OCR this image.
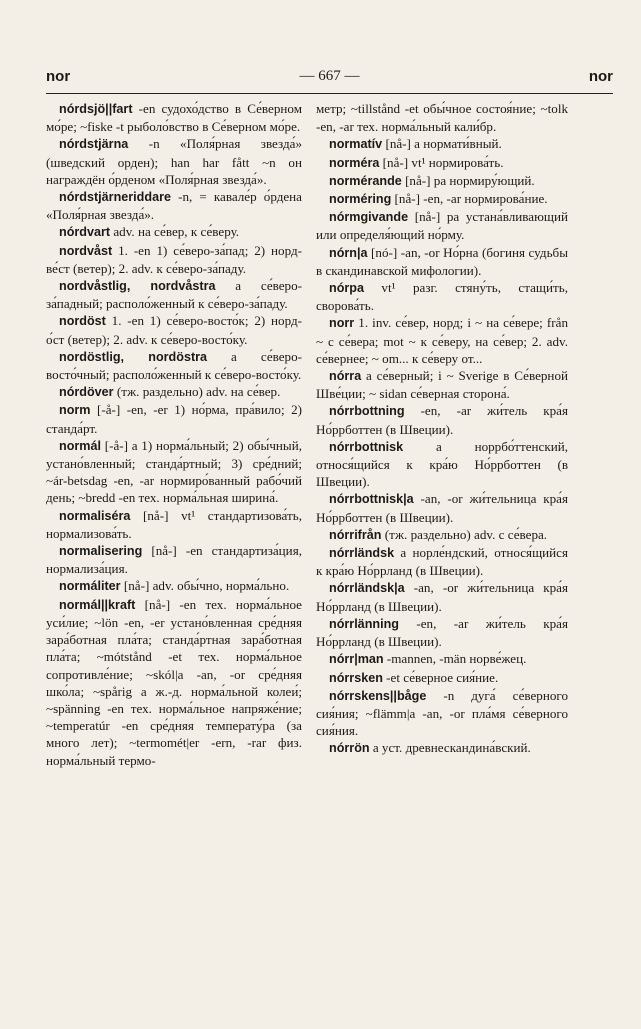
nor	— 667 —	nor

nórdsjö||fart -en судохо́дство в Се́верном мо́ре; ~fiske -t рыболо́вство в Се́верном мо́ре.

nórdstjärna -n «Поля́рная звезда́» (шведский орден); han har fått ~n он награждён о́рденом «Поля́рная звезда́».

nórdstjärneriddare -n, = кавале́р о́рдена «Поля́рная звезда́».

nórdvart adv. на се́вер, к се́веру.

nordvåst 1. -en 1) се́веро-за́пад; 2) норд-ве́ст (ветер); 2. adv. к се́веро-за́паду.

nordvåstlig, nordvåstra a се́веро-за́падный; располо́женный к се́веро-за́паду.

nordöst 1. -en 1) се́веро-восто́к; 2) норд-о́ст (ветер); 2. adv. к се́веро-восто́ку.

nordöstlig, nordöstra a се́веро-восто́чный; располо́женный к се́веро-восто́ку.

nórdöver (тж. раздельно) adv. на се́вер.

norm [-å-] -en, -er 1) но́рма, пра́вило; 2) станда́рт.

normál [-å-] a 1) норма́льный; 2) обы́чный, устано́вленный; станда́ртный; 3) сре́дний; ~ár-betsdag -en, -ar нормиро́ванный рабо́чий день; ~bredd -en тех. норма́льная ширина́.

normaliséra [nå-] vt¹ стандартизова́ть, нормализова́ть.

normalisering [nå-] -en стандартиза́ция, нормализа́ция.

normáliter [nå-] adv. обы́чно, норма́льно.

normál||kraft [nå-] -en тех. норма́льное уси́лие; ~lön -en, -er устано́вленная сре́дняя зара́ботная пла́та; станда́ртная зара́ботная пла́та; ~mótstånd -et тех. норма́льное сопротивле́ние; ~skól|a -an, -or сре́дняя шко́ла; ~spårig a ж.-д. норма́льной колеи́; ~spänning -en тех. норма́льное напряже́ние; ~temperatúr -en сре́дняя температу́ра (за много лет); ~termomét|er -ern, -rar физ. норма́льный термо-

метр; ~tillstånd -et обы́чное состоя́ние; ~tolk -en, -ar тех. норма́льный кали́бр.

normatív [nå-] a нормати́вный.

norméra [nå-] vt¹ нормирова́ть.

normérande [nå-] pa нормиру́ющий.

norméring [nå-] -en, -ar нормирова́ние.

nórmgivande [nå-] pa устана́вливающий или определя́ющий но́рму.

nórn|a [nó-] -an, -or Но́рна (богиня судьбы в скандинавской мифологии).

nórpa vt¹ разг. стяну́ть, стащи́ть, сворова́ть.

norr 1. inv. се́вер, норд; i ~ на се́вере; från ~ с се́вера; mot ~ к се́веру, на се́вер; 2. adv. се́вернее; ~ om... к се́веру от...

nórra a се́верный; i ~ Sverige в Се́верной Шве́ции; ~ sidan се́верная сторона́.

nórrbottning -en, -ar жи́тель кра́я Но́ррботтен (в Швеции).

nórrbottnisk a норрбо́ттенский, относя́щийся к кра́ю Но́ррботтен (в Швеции).

nórrbottnisk|a -an, -or жи́тельница кра́я Но́ррботтен (в Швеции).

nórrifrån (тж. раздельно) adv. с се́вера.

nórrländsk a норле́ндский, относя́щийся к кра́ю Но́ррланд (в Швеции).

nórrländsk|a -an, -or жи́тельница кра́я Но́ррланд (в Швеции).

nórrlänning -en, -ar жи́тель кра́я Но́ррланд (в Швеции).

nórr|man -mannen, -män норве́жец.

nórrsken -et се́верное сия́ние.

nórrskens||båge -n дуга́ се́верного сия́ния; ~flämm|a -an, -or пла́мя се́верного сия́ния.

nórrön a уст. древнескандина́вский.
